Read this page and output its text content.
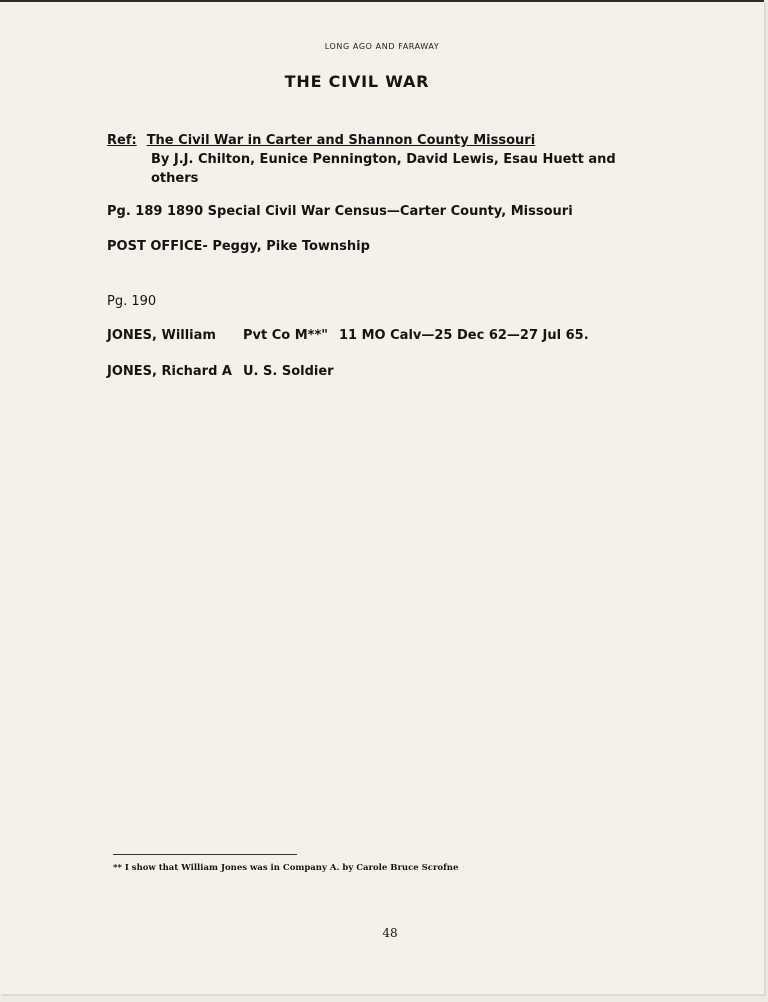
LONG AGO AND FARAWAY
THE CIVIL WAR
Ref: The Civil War in Carter and Shannon County Missouri
By J.J. Chilton, Eunice Pennington, David Lewis, Esau Huett and others
Pg. 189 1890 Special Civil War Census—Carter County, Missouri
POST OFFICE- Peggy, Pike Township
Pg. 190
JONES, William Pvt Co M**" 11 MO Calv—25 Dec 62—27 Jul 65.
JONES, Richard A U. S. Soldier
** I show that William Jones was in Company A. by Carole Bruce Scrofne
48
